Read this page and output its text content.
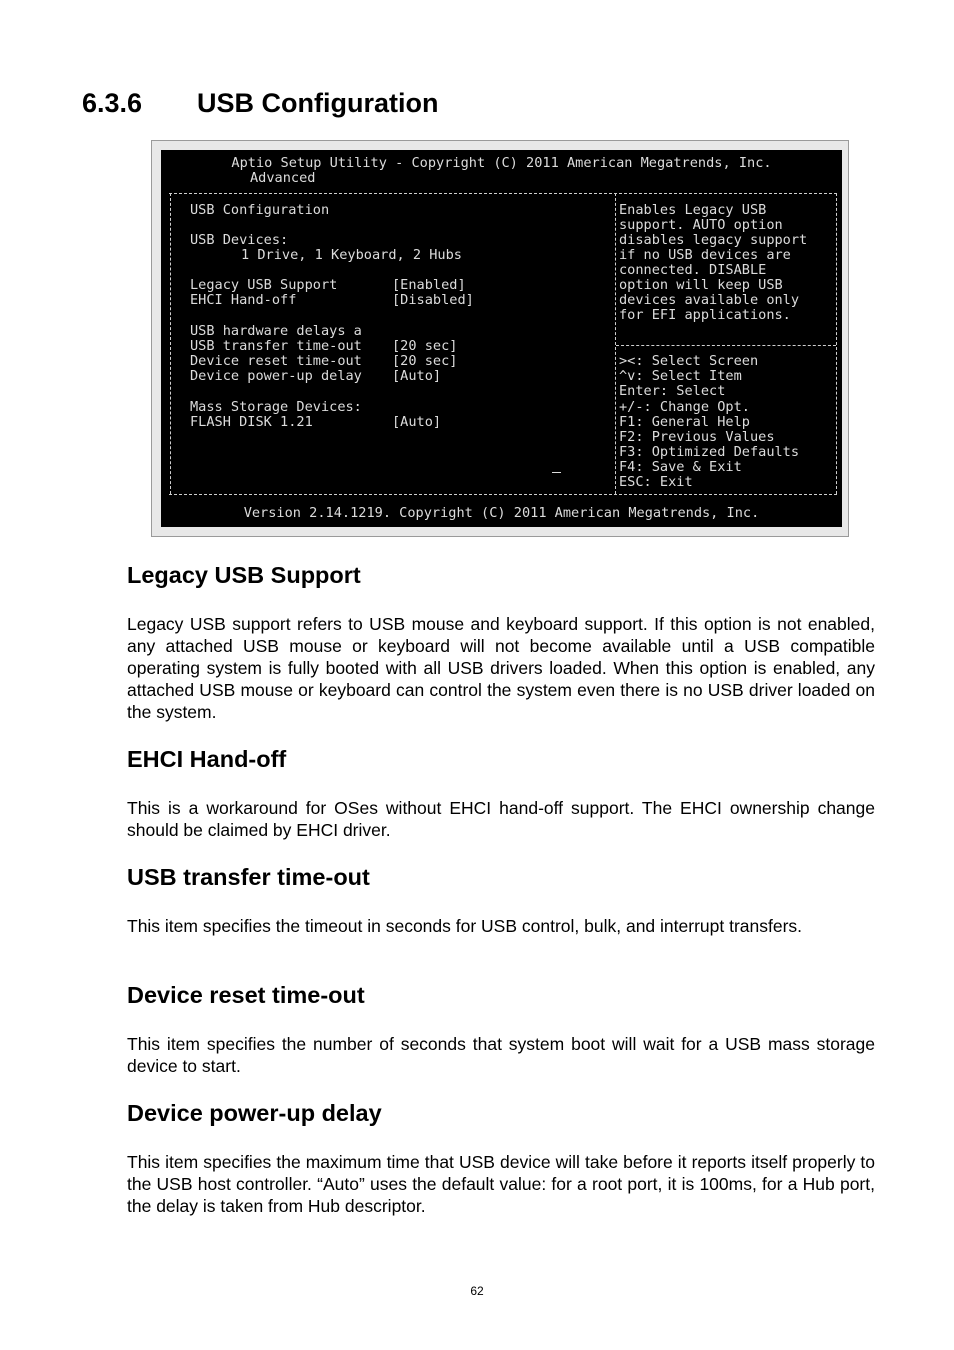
6.3.6 USB Configuration
Aptio Setup Utility - Copyright (C) 2011 American Megatrends, Inc.
Advanced
USB Configuration
USB Devices:
1 Drive, 1 Keyboard, 2 Hubs
Legacy USB Support	[Enabled]
EHCI Hand-off	[Disabled]
USB hardware delays a
USB transfer time-out [20 sec]
Device reset time-out [20 sec]
Device power-up delay [Auto]
Mass Storage Devices:
FLASH DISK 1.21	[Auto]
Enables Legacy USB
support. AUTO option
disables legacy support
if no USB devices are
connected. DISABLE
option will keep USB
devices available only
for EFI applications.
><: Select Screen
^v: Select Item
Enter: Select
+/-: Change Opt.
F1: General Help
F2: Previous Values
F3: Optimized Defaults
F4: Save & Exit
ESC: Exit
Version 2.14.1219. Copyright (C) 2011 American Megatrends, Inc.
Legacy USB Support

Legacy USB support refers to USB mouse and keyboard support. If this option is not enabled, any attached USB mouse or keyboard will not become available until a USB compatible operating system is fully booted with all USB drivers loaded. When this option is enabled, any attached USB mouse or keyboard can control the system even there is no USB driver loaded on the system.

EHCI Hand-off

This is a workaround for OSes without EHCI hand-off support. The EHCI ownership change should be claimed by EHCI driver.

USB transfer time-out

This item specifies the timeout in seconds for USB control, bulk, and interrupt transfers.

Device reset time-out

This item specifies the number of seconds that system boot will wait for a USB mass storage device to start.

Device power-up delay

This item specifies the maximum time that USB device will take before it reports itself properly to the USB host controller. “Auto” uses the default value: for a root port, it is 100ms, for a Hub port, the delay is taken from Hub descriptor.

62
